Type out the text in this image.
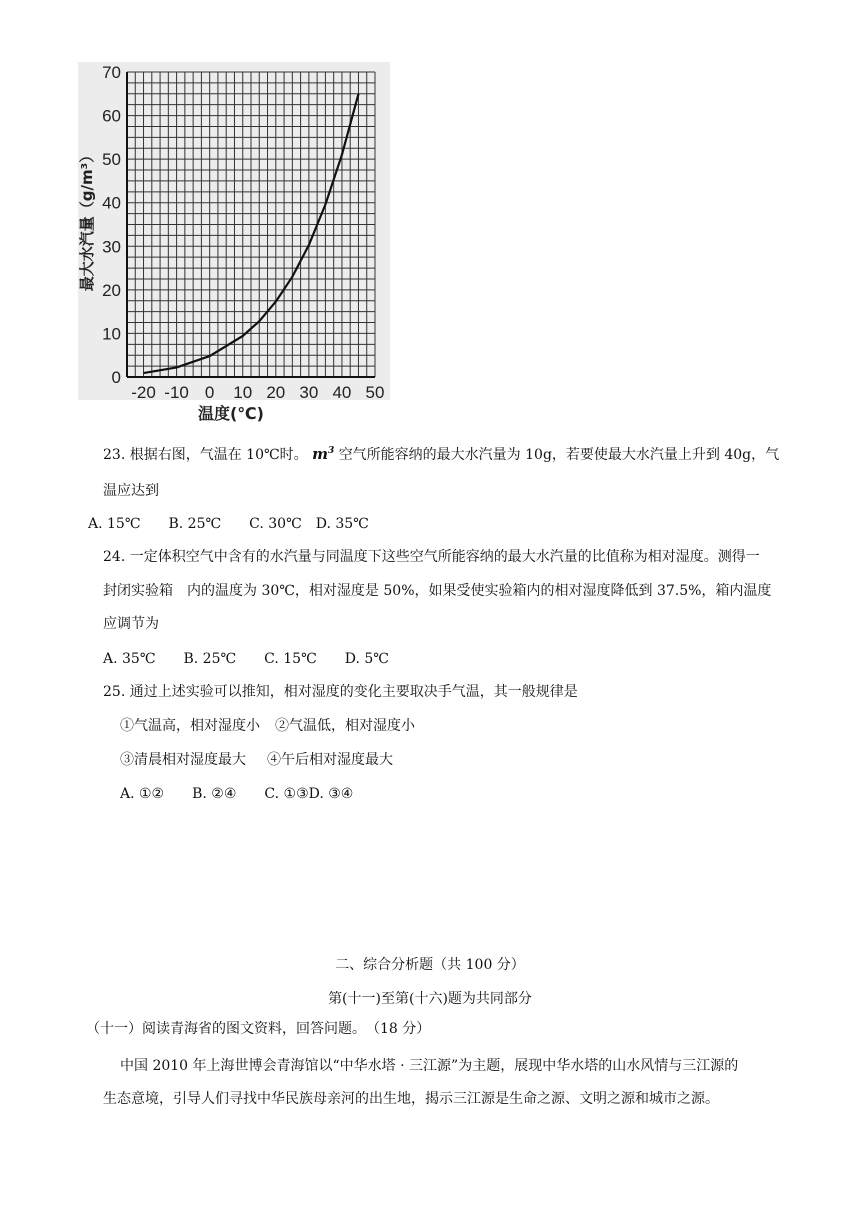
0
10
20
30
40
50
60
70
-20 -10 0 10 20 30 40 50
温度(℃)
最大水汽量（g/m³）
23. 根据右图，气温在 10℃时。 $m^3$ 空气所能容纳的最大水汽量为 10g，若要使最大水汽量上升到 40g，气
温应达到
A. 15℃　　B. 25℃　　C. 30℃　D. 35℃
24. 一定体积空气中含有的水汽量与同温度下这些空气所能容纳的最大水汽量的比值称为相对湿度。测得一
封闭实验箱　内的温度为 30℃，相对湿度是 50%，如果受使实验箱内的相对湿度降低到 37.5%，箱内温度
应调节为
A. 35℃　　B. 25℃　　C. 15℃　　D. 5℃
25. 通过上述实验可以推知，相对湿度的变化主要取决手气温，其一般规律是
①气温高，相对湿度小 ②气温低，相对湿度小
③清晨相对湿度最大 ④午后相对湿度最大
A. ①②　　B. ②④　　C. ①③D. ③④
二、综合分析题（共 100 分）
第(十一)至第(十六)题为共同部分
（十一）阅读青海省的图文资料，回答问题。　（18 分）
中国 2010 年上海世博会青海馆以“中华水塔 · 三江源”为主题，展现中华水塔的山水风情与三江源的
生态意境，引导人们寻找中华民族母亲河的出生地，揭示三江源是生命之源、文明之源和城市之源。
